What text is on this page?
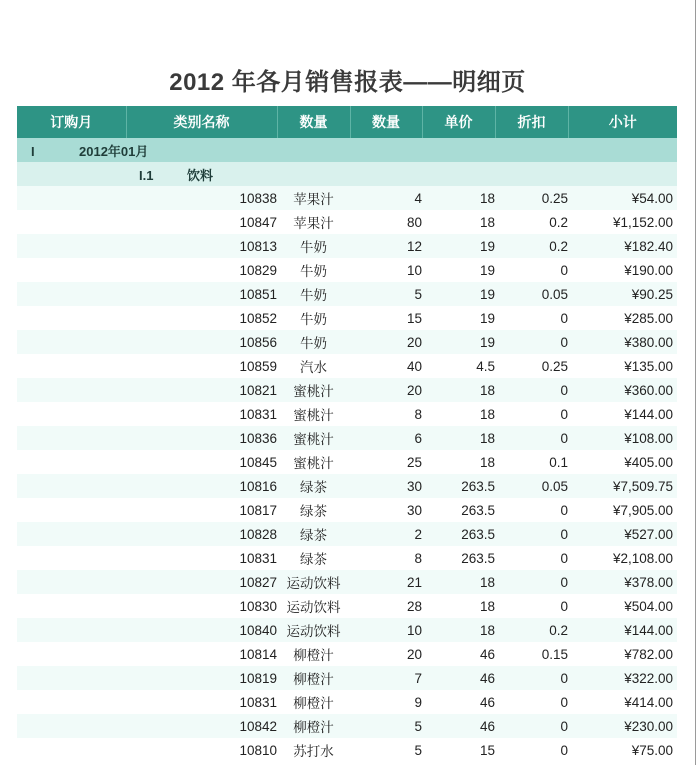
2012 年各月销售报表——明细页
订购月	类别名称	数量	数量	单价	折扣	小计
I 2012年01月						
I.1 饮料						
	10838	苹果汁	4	18	0.25	¥54.00
	10847	苹果汁	80	18	0.2	¥1,152.00
	10813	牛奶	12	19	0.2	¥182.40
	10829	牛奶	10	19	0	¥190.00
	10851	牛奶	5	19	0.05	¥90.25
	10852	牛奶	15	19	0	¥285.00
	10856	牛奶	20	19	0	¥380.00
	10859	汽水	40	4.5	0.25	¥135.00
	10821	蜜桃汁	20	18	0	¥360.00
	10831	蜜桃汁	8	18	0	¥144.00
	10836	蜜桃汁	6	18	0	¥108.00
	10845	蜜桃汁	25	18	0.1	¥405.00
	10816	绿茶	30	263.5	0.05	¥7,509.75
	10817	绿茶	30	263.5	0	¥7,905.00
	10828	绿茶	2	263.5	0	¥527.00
	10831	绿茶	8	263.5	0	¥2,108.00
	10827	运动饮料	21	18	0	¥378.00
	10830	运动饮料	28	18	0	¥504.00
	10840	运动饮料	10	18	0.2	¥144.00
	10814	柳橙汁	20	46	0.15	¥782.00
	10819	柳橙汁	7	46	0	¥322.00
	10831	柳橙汁	9	46	0	¥414.00
	10842	柳橙汁	5	46	0	¥230.00
	10810	苏打水	5	15	0	¥75.00
